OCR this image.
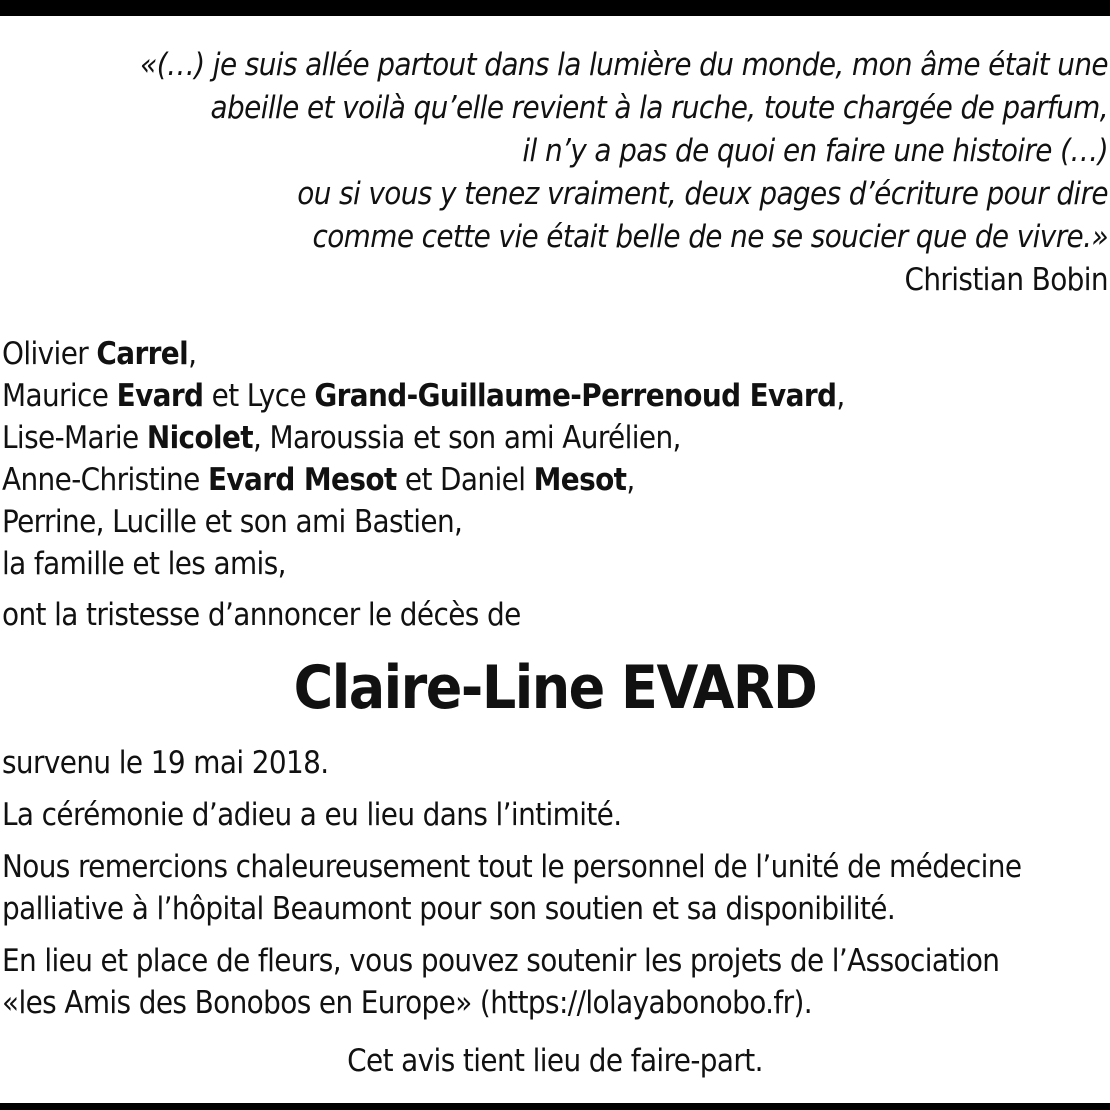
«(…) je suis allée partout dans la lumière du monde, mon âme était une
abeille et voilà qu’elle revient à la ruche, toute chargée de parfum,
il n’y a pas de quoi en faire une histoire (…)
ou si vous y tenez vraiment, deux pages d’écriture pour dire
comme cette vie était belle de ne se soucier que de vivre.»
Christian Bobin
Olivier Carrel,
Maurice Evard et Lyce Grand-Guillaume-Perrenoud Evard,
Lise-Marie Nicolet, Maroussia et son ami Aurélien,
Anne-Christine Evard Mesot et Daniel Mesot,
Perrine, Lucille et son ami Bastien,
la famille et les amis,
ont la tristesse d’annoncer le décès de
Claire-Line EVARD
survenu le 19 mai 2018.
La cérémonie d’adieu a eu lieu dans l’intimité.
Nous remercions chaleureusement tout le personnel de l’unité de médecine
palliative à l’hôpital Beaumont pour son soutien et sa disponibilité.
En lieu et place de fleurs, vous pouvez soutenir les projets de l’Association
«les Amis des Bonobos en Europe» (https://lolayabonobo.fr).
Cet avis tient lieu de faire-part.
